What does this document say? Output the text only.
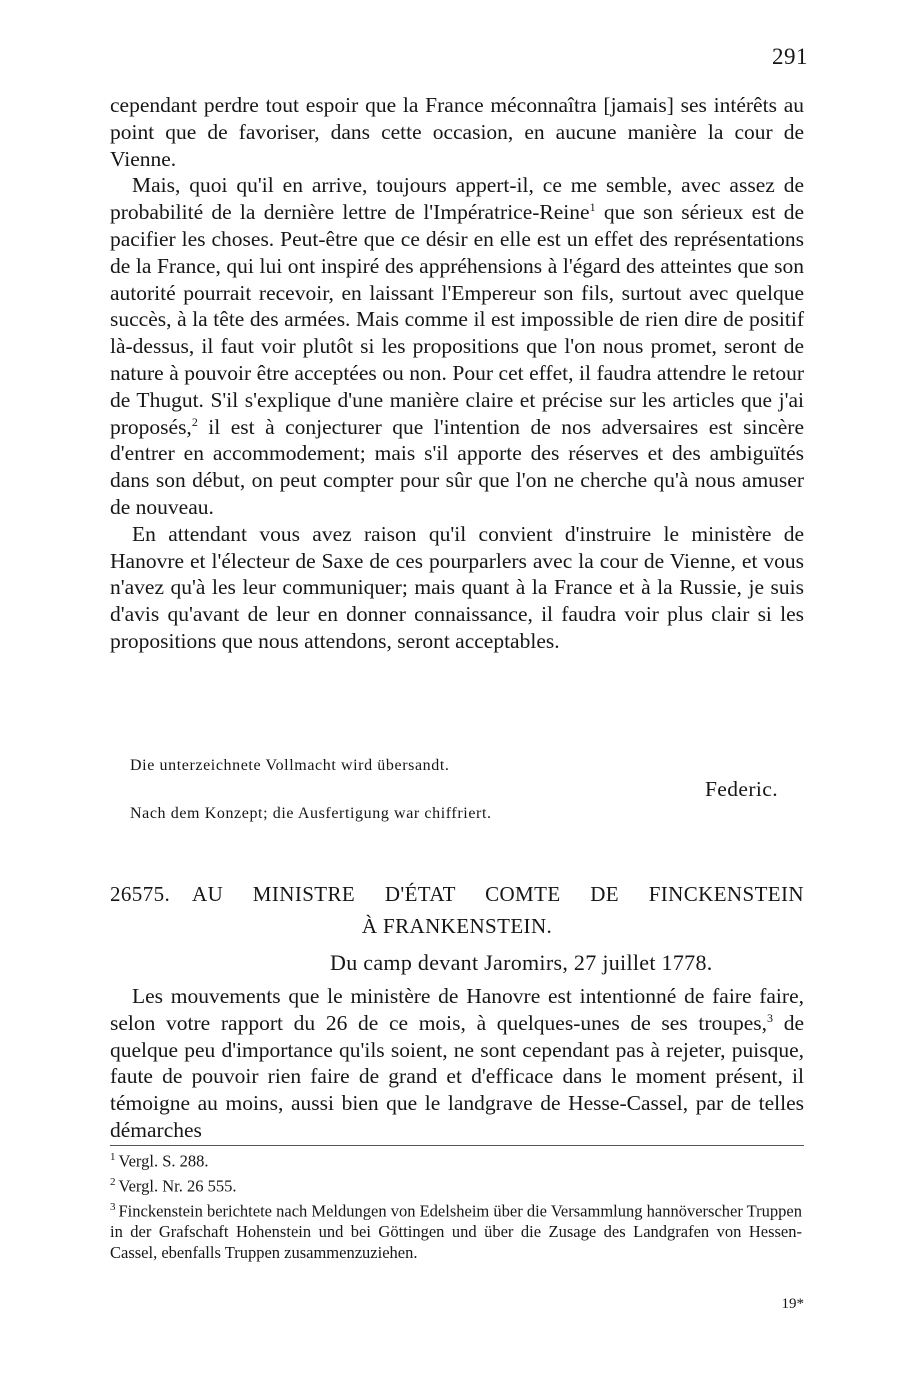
291

cependant perdre tout espoir que la France méconnaîtra [jamais] ses intérêts au point que de favoriser, dans cette occasion, en aucune manière la cour de Vienne.

Mais, quoi qu'il en arrive, toujours appert-il, ce me semble, avec assez de probabilité de la dernière lettre de l'Impératrice-Reine$^1$ que son sérieux est de pacifier les choses. Peut-être que ce désir en elle est un effet des représentations de la France, qui lui ont inspiré des appréhensions à l'égard des atteintes que son autorité pourrait recevoir, en laissant l'Empereur son fils, surtout avec quelque succès, à la tête des armées. Mais comme il est impossible de rien dire de positif là-dessus, il faut voir plutôt si les propositions que l'on nous promet, seront de nature à pouvoir être acceptées ou non. Pour cet effet, il faudra attendre le retour de Thugut. S'il s'explique d'une manière claire et précise sur les articles que j'ai proposés,$^2$ il est à conjecturer que l'intention de nos adversaires est sincère d'entrer en accommodement; mais s'il apporte des réserves et des ambiguïtés dans son début, on peut compter pour sûr que l'on ne cherche qu'à nous amuser de nouveau.

En attendant vous avez raison qu'il convient d'instruire le ministère de Hanovre et l'électeur de Saxe de ces pourparlers avec la cour de Vienne, et vous n'avez qu'à les leur communiquer; mais quant à la France et à la Russie, je suis d'avis qu'avant de leur en donner connaissance, il faudra voir plus clair si les propositions que nous attendons, seront acceptables.

Die unterzeichnete Vollmacht wird übersandt.
Federic.
Nach dem Konzept; die Ausfertigung war chiffriert.
26575.	AU MINISTRE D'ÉTAT COMTE DE FINCKENSTEIN
À FRANKENSTEIN.
Du camp devant Jaromirs, 27 juillet 1778.

Les mouvements que le ministère de Hanovre est intentionné de faire faire, selon votre rapport du 26 de ce mois, à quelques-unes de ses troupes,$^3$ de quelque peu d'importance qu'ils soient, ne sont cependant pas à rejeter, puisque, faute de pouvoir rien faire de grand et d'efficace dans le moment présent, il témoigne au moins, aussi bien que le landgrave de Hesse-Cassel, par de telles démarches

$^1$ Vergl. S. 288.

$^2$ Vergl. Nr. 26 555.

$^3$ Finckenstein berichtete nach Meldungen von Edelsheim über die Versammlung hannöverscher Truppen in der Grafschaft Hohenstein und bei Göttingen und über die Zusage des Landgrafen von Hessen-Cassel, ebenfalls Truppen zusammenzuziehen.

19*
